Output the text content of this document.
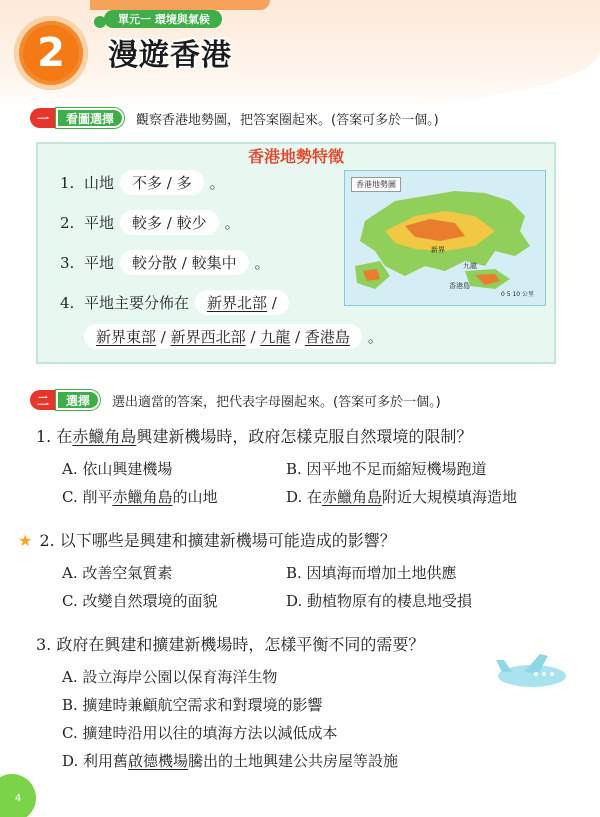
2
單元一 環境與氣候
漫遊香港
一	看圖選擇	觀察香港地勢圖，把答案圈起來。(答案可多於一個。)
香港地勢特徵
1. 山地	不多 / 多	。
2. 平地	較多 / 較少	。
3. 平地	較分散 / 較集中	。
4. 平地主要分佈在	新界北部 /
新界東部 / 新界西北部 / 九龍 / 香港島	。
香港地勢圖
新界
九龍
香港島
0 5 10 公里
二	選擇	選出適當的答案，把代表字母圈起來。(答案可多於一個。)
1. 在赤鱲角島興建新機場時，政府怎樣克服自然環境的限制？
A. 依山興建機場	B. 因平地不足而縮短機場跑道
C. 削平赤鱲角島的山地	D. 在赤鱲角島附近大規模填海造地
★ 2. 以下哪些是興建和擴建新機場可能造成的影響？
A. 改善空氣質素	B. 因填海而增加土地供應
C. 改變自然環境的面貌	D. 動植物原有的棲息地受損
3. 政府在興建和擴建新機場時，怎樣平衡不同的需要？
A. 設立海岸公園以保育海洋生物
B. 擴建時兼顧航空需求和對環境的影響
C. 擴建時沿用以往的填海方法以減低成本
D. 利用舊啟德機場騰出的土地興建公共房屋等設施
4
